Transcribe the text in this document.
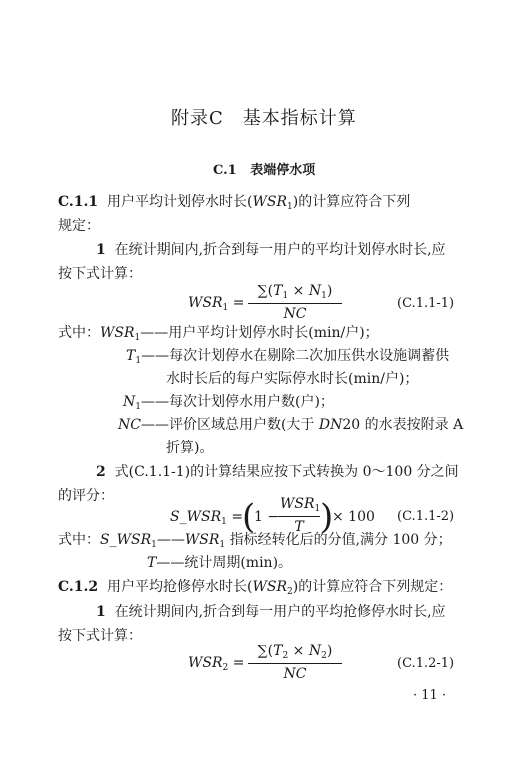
附录C　基本指标计算
C.1 表端停水项
C.1.1 用户平均计划停水时长$(WSR_1)$的计算应符合下列
规定：
1 在统计期间内,折合到每一用户的平均计划停水时长,应
按下式计算：
$WSR_1 = \frac{\sum(T_1 \times N_1)}{NC}$	(C.1.1-1)
式中：$WSR_1——$用户平均计划停水时长(min/户)；
$T_1——$每次计划停水在剔除二次加压供水设施调蓄供
水时长后的每户实际停水时长(min/户)；
$N_1——$每次计划停水用户数(户)；
NC——评价区域总用户数(大于 DN20 的水表按附录 A
折算)。
2 式(C.1.1-1)的计算结果应按下式转换为 0～100 分之间
的评分：
$S\_WSR_1$ =
(
1 −
$WSR_1$
T )
× 100 (C.1.1-2)
式中：$S\_WSR_1——WSR_1$ 指标经转化后的分值,满分 100 分；
T——统计周期(min)。
C.1.2 用户平均抢修停水时长$(WSR_2)$的计算应符合下列规定：
1 在统计期间内,折合到每一用户的平均抢修停水时长,应
按下式计算：
$WSR_2 = \frac{\sum(T_2 \times N_2)}{NC}$	(C.1.2-1)
· 11 ·
